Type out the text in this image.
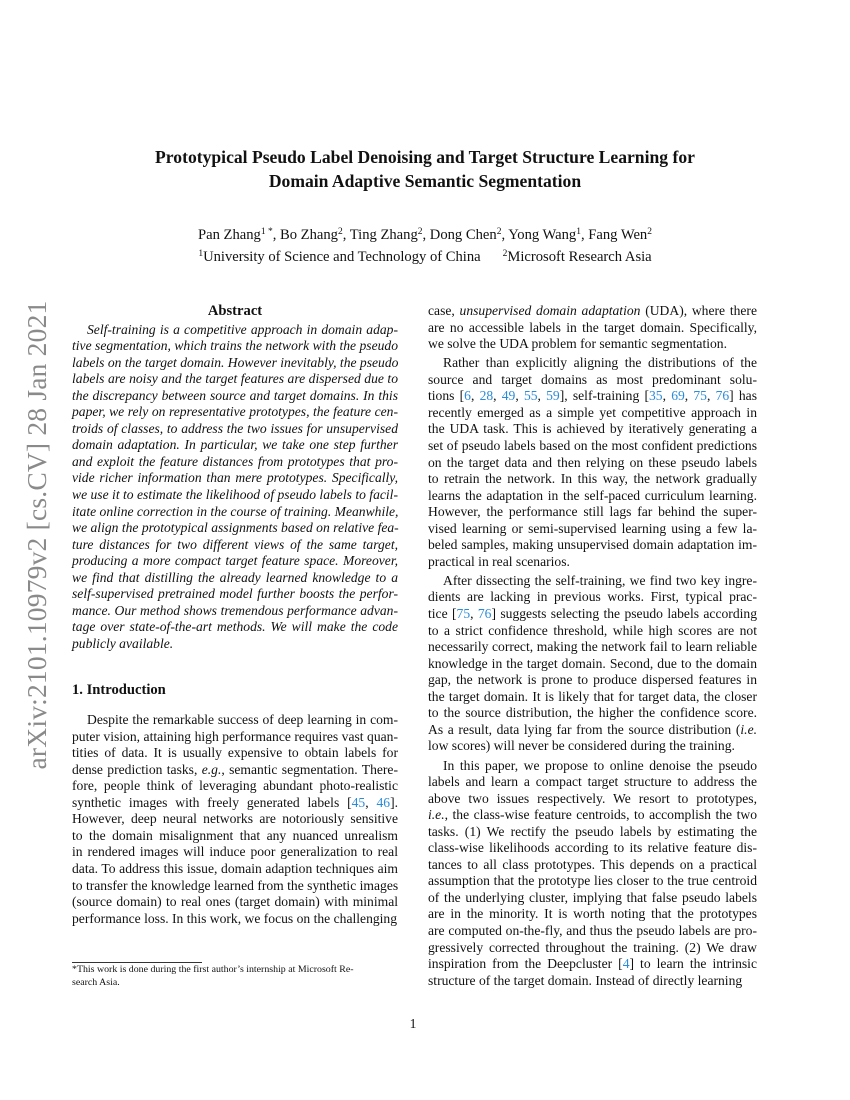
arXiv:2101.10979v2 [cs.CV] 28 Jan 2021
Prototypical Pseudo Label Denoising and Target Structure Learning for
Domain Adaptive Semantic Segmentation
Pan Zhang$^{1 *}$, Bo Zhang$^2$, Ting Zhang$^2$, Dong Chen$^2$, Yong Wang$^1$, Fang Wen$^2$
$^1$University of Science and Technology of China $^2$Microsoft Research Asia
Abstract
Self-training is a competitive approach in domain adap-
tive segmentation, which trains the network with the pseudo
labels on the target domain. However inevitably, the pseudo
labels are noisy and the target features are dispersed due to
the discrepancy between source and target domains. In this
paper, we rely on representative prototypes, the feature cen-
troids of classes, to address the two issues for unsupervised
domain adaptation. In particular, we take one step further
and exploit the feature distances from prototypes that pro-
vide richer information than mere prototypes. Specifically,
we use it to estimate the likelihood of pseudo labels to facil-
itate online correction in the course of training. Meanwhile,
we align the prototypical assignments based on relative fea-
ture distances for two different views of the same target,
producing a more compact target feature space. Moreover,
we find that distilling the already learned knowledge to a
self-supervised pretrained model further boosts the perfor-
mance. Our method shows tremendous performance advan-
tage over state-of-the-art methods. We will make the code
publicly available.
1. Introduction
Despite the remarkable success of deep learning in com-
puter vision, attaining high performance requires vast quan-
tities of data. It is usually expensive to obtain labels for
dense prediction tasks, e.g., semantic segmentation. There-
fore, people think of leveraging abundant photo-realistic
synthetic images with freely generated labels [45, 46].
However, deep neural networks are notoriously sensitive
to the domain misalignment that any nuanced unrealism
in rendered images will induce poor generalization to real
data. To address this issue, domain adaption techniques aim
to transfer the knowledge learned from the synthetic images
(source domain) to real ones (target domain) with minimal
performance loss. In this work, we focus on the challenging
*This work is done during the first author’s internship at Microsoft Re-
search Asia.
case, unsupervised domain adaptation (UDA), where there
are no accessible labels in the target domain. Specifically,
we solve the UDA problem for semantic segmentation.
Rather than explicitly aligning the distributions of the
source and target domains as most predominant solu-
tions [6, 28, 49, 55, 59], self-training [35, 69, 75, 76] has
recently emerged as a simple yet competitive approach in
the UDA task. This is achieved by iteratively generating a
set of pseudo labels based on the most confident predictions
on the target data and then relying on these pseudo labels
to retrain the network. In this way, the network gradually
learns the adaptation in the self-paced curriculum learning.
However, the performance still lags far behind the super-
vised learning or semi-supervised learning using a few la-
beled samples, making unsupervised domain adaptation im-
practical in real scenarios.
After dissecting the self-training, we find two key ingre-
dients are lacking in previous works. First, typical prac-
tice [75, 76] suggests selecting the pseudo labels according
to a strict confidence threshold, while high scores are not
necessarily correct, making the network fail to learn reliable
knowledge in the target domain. Second, due to the domain
gap, the network is prone to produce dispersed features in
the target domain. It is likely that for target data, the closer
to the source distribution, the higher the confidence score.
As a result, data lying far from the source distribution (i.e.
low scores) will never be considered during the training.
In this paper, we propose to online denoise the pseudo
labels and learn a compact target structure to address the
above two issues respectively. We resort to prototypes,
i.e., the class-wise feature centroids, to accomplish the two
tasks. (1) We rectify the pseudo labels by estimating the
class-wise likelihoods according to its relative feature dis-
tances to all class prototypes. This depends on a practical
assumption that the prototype lies closer to the true centroid
of the underlying cluster, implying that false pseudo labels
are in the minority. It is worth noting that the prototypes
are computed on-the-fly, and thus the pseudo labels are pro-
gressively corrected throughout the training. (2) We draw
inspiration from the Deepcluster [4] to learn the intrinsic
structure of the target domain. Instead of directly learning
1
